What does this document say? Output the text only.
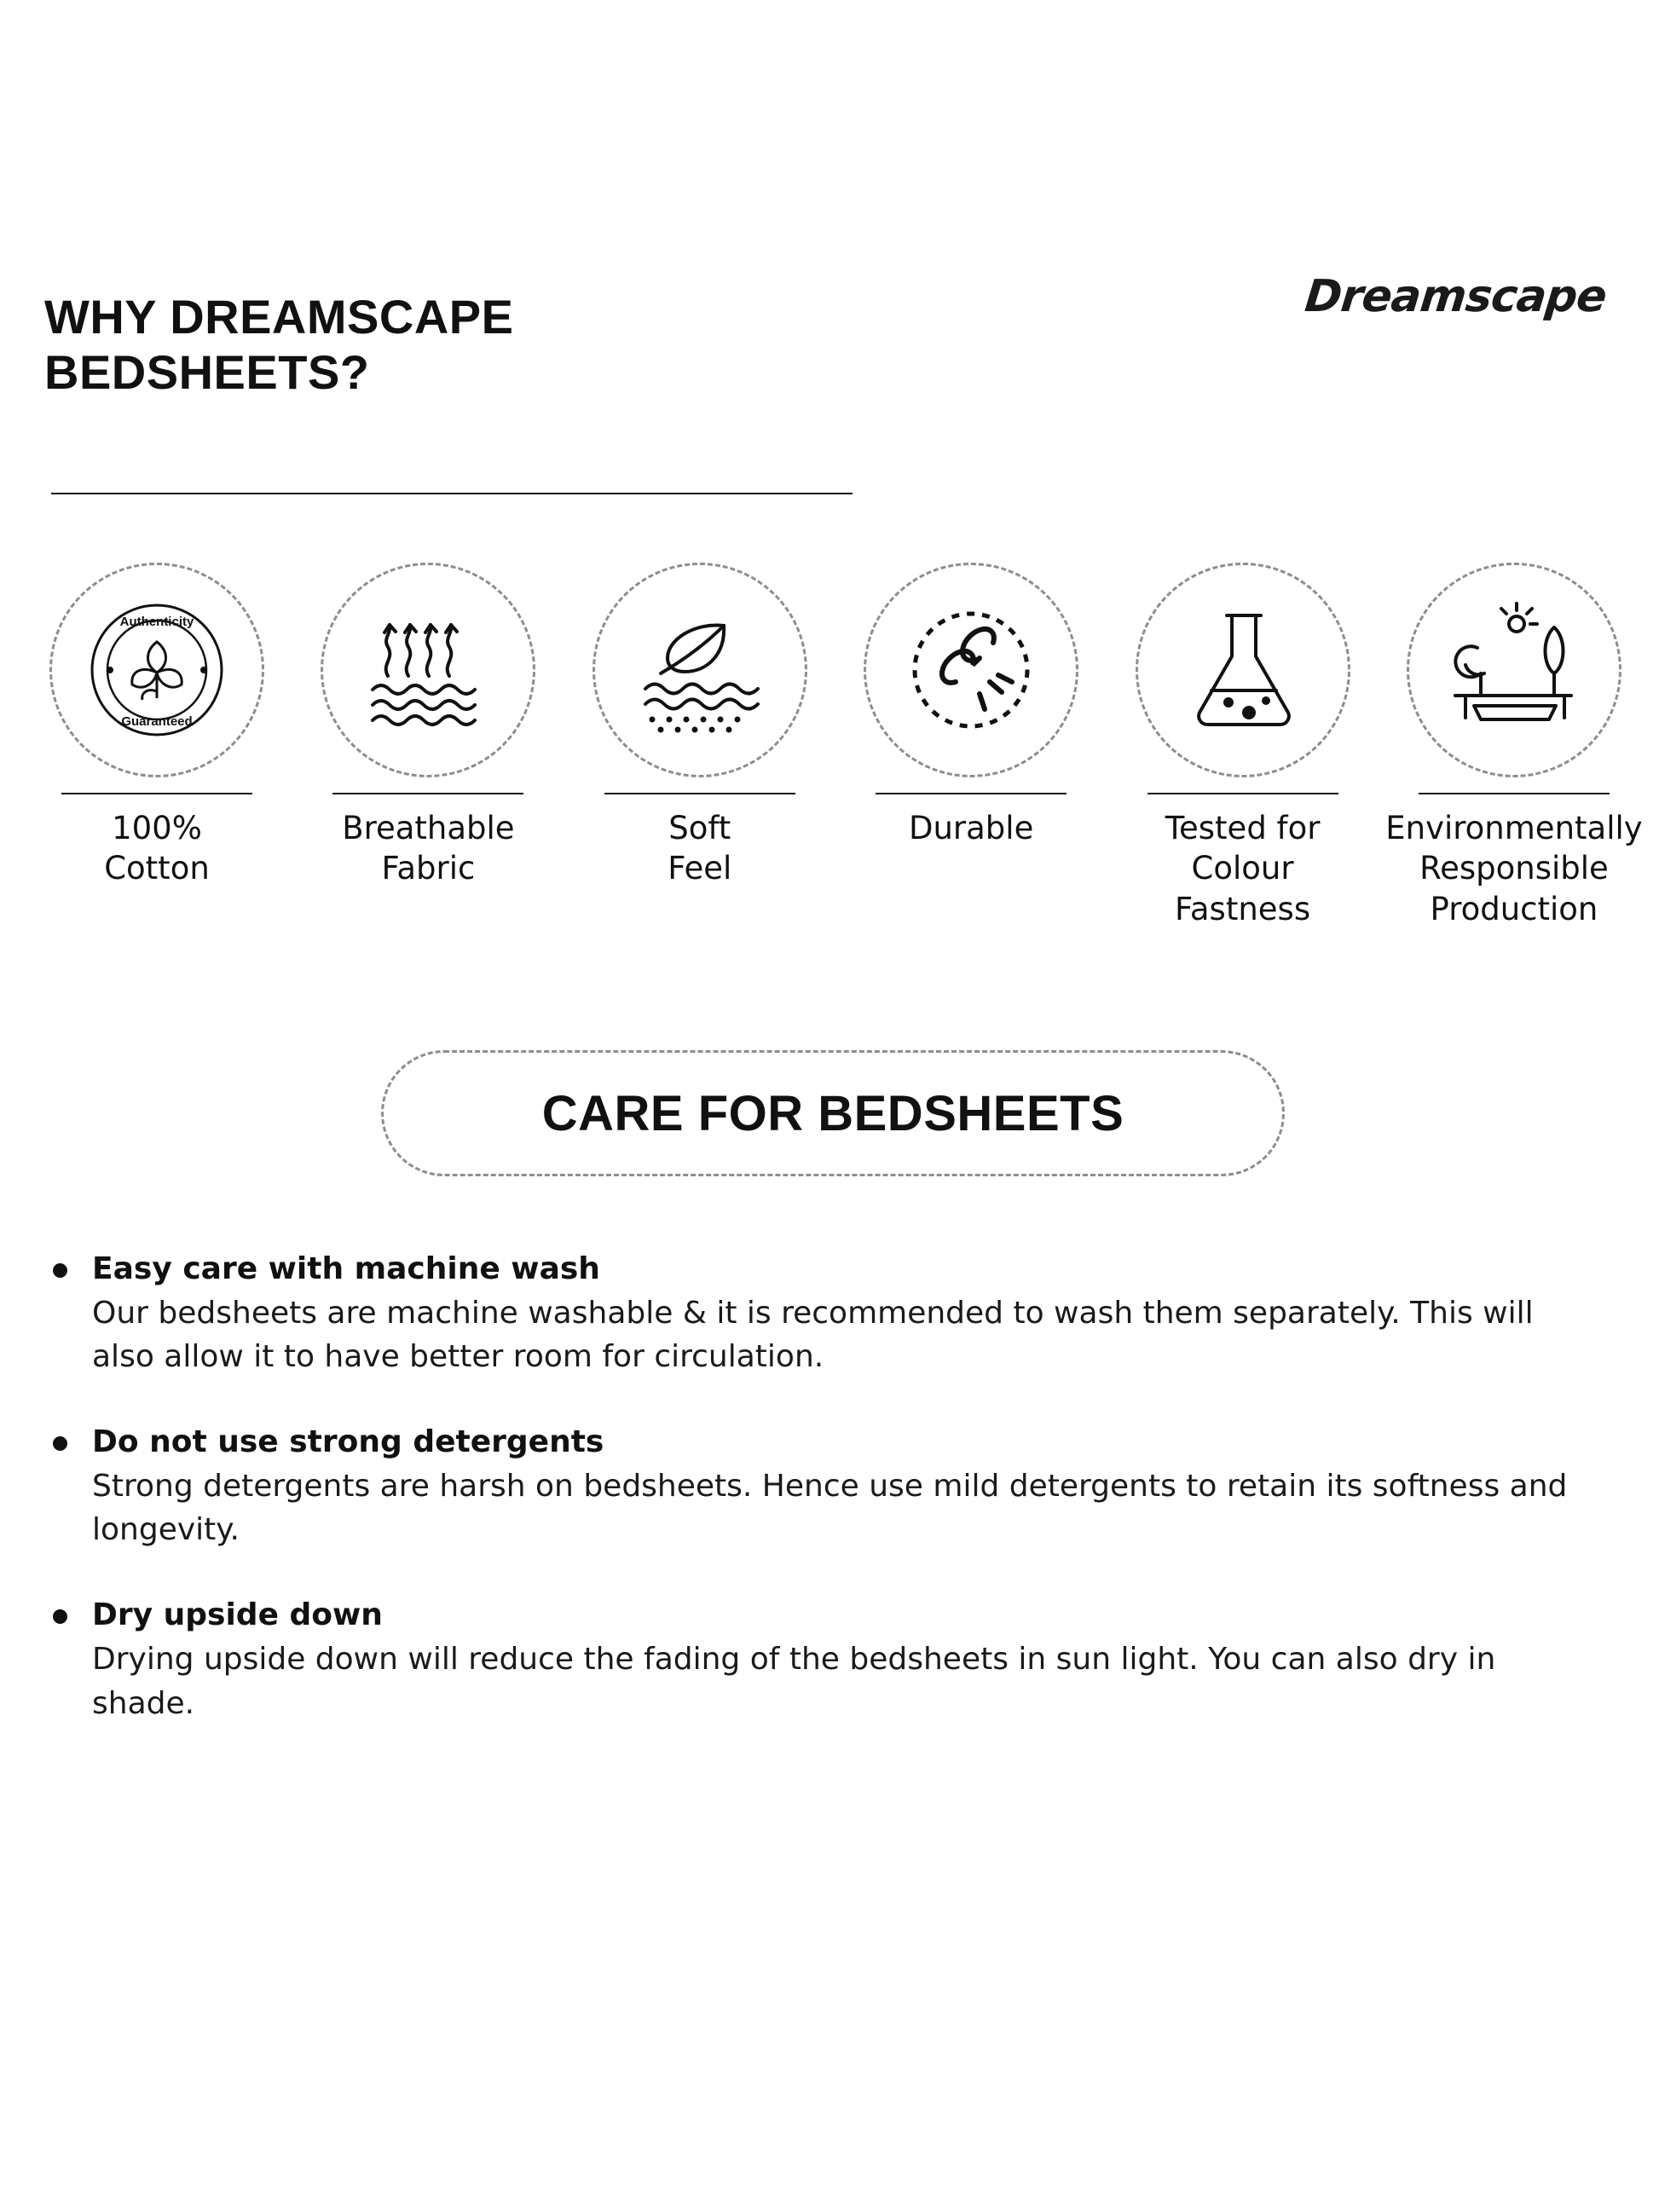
WHY DREAMSCAPE BEDSHEETS?
Dreamscape
Authenticity
Guaranteed
100%
Cotton
Breathable
Fabric
Soft
Feel
Durable	Tested for
Colour
Fastness
Environmentally
Responsible
Production
CARE FOR BEDSHEETS

Easy care with machine wash

Our bedsheets are machine washable & it is recommended to wash them separately. This will also allow it to have better room for circulation.

Do not use strong detergents

Strong detergents are harsh on bedsheets. Hence use mild detergents to retain its softness and longevity.

Dry upside down

Drying upside down will reduce the fading of the bedsheets in sun light. You can also dry in shade.
